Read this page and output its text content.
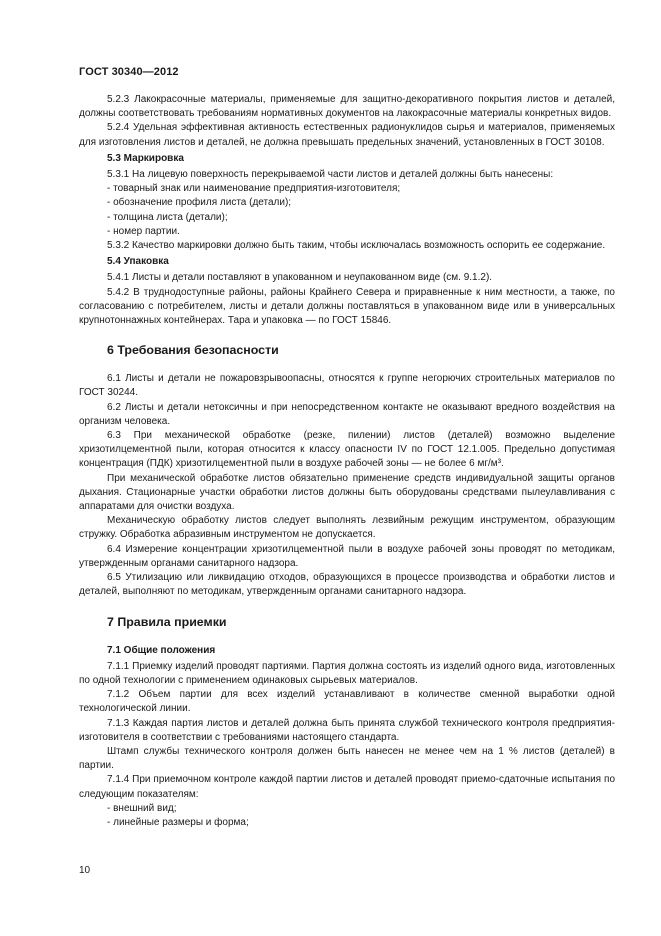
ГОСТ 30340—2012

5.2.3 Лакокрасочные материалы, применяемые для защитно-декоративного покрытия листов и деталей, должны соответствовать требованиям нормативных документов на лакокрасочные материалы конкретных видов.

5.2.4 Удельная эффективная активность естественных радионуклидов сырья и материалов, применяемых для изготовления листов и деталей, не должна превышать предельных значений, установленных в ГОСТ 30108.

5.3 Маркировка

5.3.1 На лицевую поверхность перекрываемой части листов и деталей должны быть нанесены:

- товарный знак или наименование предприятия-изготовителя;

- обозначение профиля листа (детали);

- толщина листа (детали);

- номер партии.

5.3.2 Качество маркировки должно быть таким, чтобы исключалась возможность оспорить ее содержание.

5.4 Упаковка

5.4.1 Листы и детали поставляют в упакованном и неупакованном виде (см. 9.1.2).

5.4.2 В труднодоступные районы, районы Крайнего Севера и приравненные к ним местности, а также, по согласованию с потребителем, листы и детали должны поставляться в упакованном виде или в универсальных крупнотоннажных контейнерах. Тара и упаковка — по ГОСТ 15846.

6 Требования безопасности

6.1 Листы и детали не пожаровзрывоопасны, относятся к группе негорючих строительных материалов по ГОСТ 30244.

6.2 Листы и детали нетоксичны и при непосредственном контакте не оказывают вредного воздействия на организм человека.

6.3 При механической обработке (резке, пилении) листов (деталей) возможно выделение хризотилцементной пыли, которая относится к классу опасности IV по ГОСТ 12.1.005. Предельно допустимая концентрация (ПДК) хризотилцементной пыли в воздухе рабочей зоны — не более 6 мг/м³.

При механической обработке листов обязательно применение средств индивидуальной защиты органов дыхания. Стационарные участки обработки листов должны быть оборудованы средствами пылеулавливания с аппаратами для очистки воздуха.

Механическую обработку листов следует выполнять лезвийным режущим инструментом, образующим стружку. Обработка абразивным инструментом не допускается.

6.4 Измерение концентрации хризотилцементной пыли в воздухе рабочей зоны проводят по методикам, утвержденным органами санитарного надзора.

6.5 Утилизацию или ликвидацию отходов, образующихся в процессе производства и обработки листов и деталей, выполняют по методикам, утвержденным органами санитарного надзора.

7 Правила приемки

7.1 Общие положения

7.1.1 Приемку изделий проводят партиями. Партия должна состоять из изделий одного вида, изготовленных по одной технологии с применением одинаковых сырьевых материалов.

7.1.2 Объем партии для всех изделий устанавливают в количестве сменной выработки одной технологической линии.

7.1.3 Каждая партия листов и деталей должна быть принята службой технического контроля предприятия-изготовителя в соответствии с требованиями настоящего стандарта.

Штамп службы технического контроля должен быть нанесен не менее чем на 1 % листов (деталей) в партии.

7.1.4 При приемочном контроле каждой партии листов и деталей проводят приемо-сдаточные испытания по следующим показателям:

- внешний вид;

- линейные размеры и форма;

10
